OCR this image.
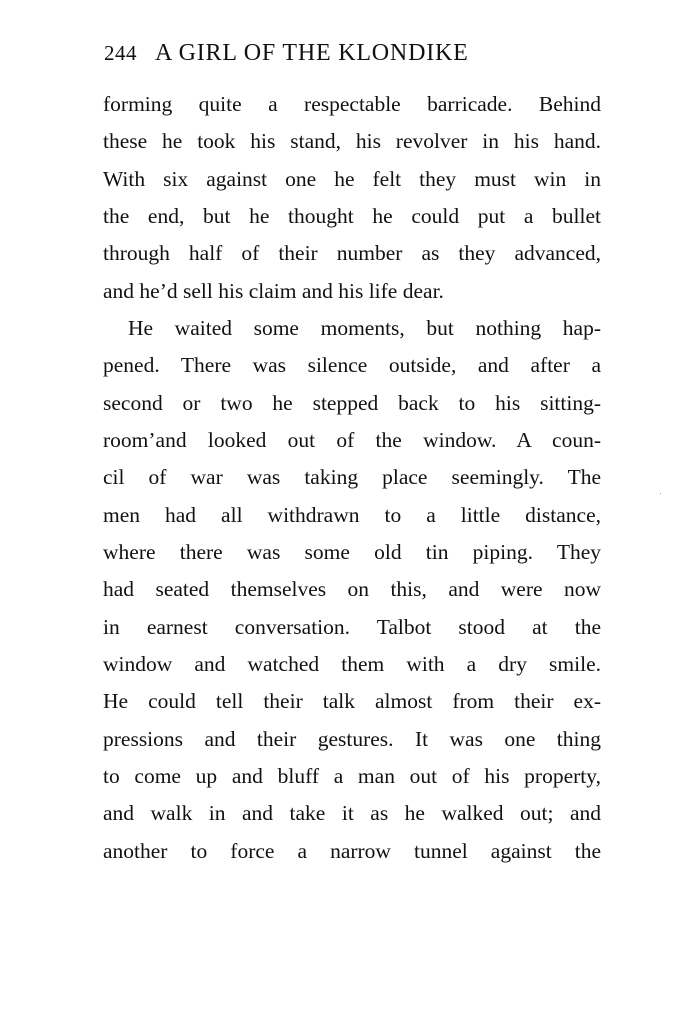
244 A GIRL OF THE KLONDIKE
forming quite a respectable barricade. Behind
these he took his stand, his revolver in his hand.
With six against one he felt they must win in
the end, but he thought he could put a bullet
through half of their number as they advanced,
and he’d sell his claim and his life dear.
He waited some moments, but nothing hap-
pened. There was silence outside, and after a
second or two he stepped back to his sitting-
room’and looked out of the window. A coun-
cil of war was taking place seemingly. The
men had all withdrawn to a little distance,
where there was some old tin piping. They
had seated themselves on this, and were now
in earnest conversation. Talbot stood at the
window and watched them with a dry smile.
He could tell their talk almost from their ex-
pressions and their gestures. It was one thing
to come up and bluff a man out of his property,
and walk in and take it as he walked out; and
another to force a narrow tunnel against the
